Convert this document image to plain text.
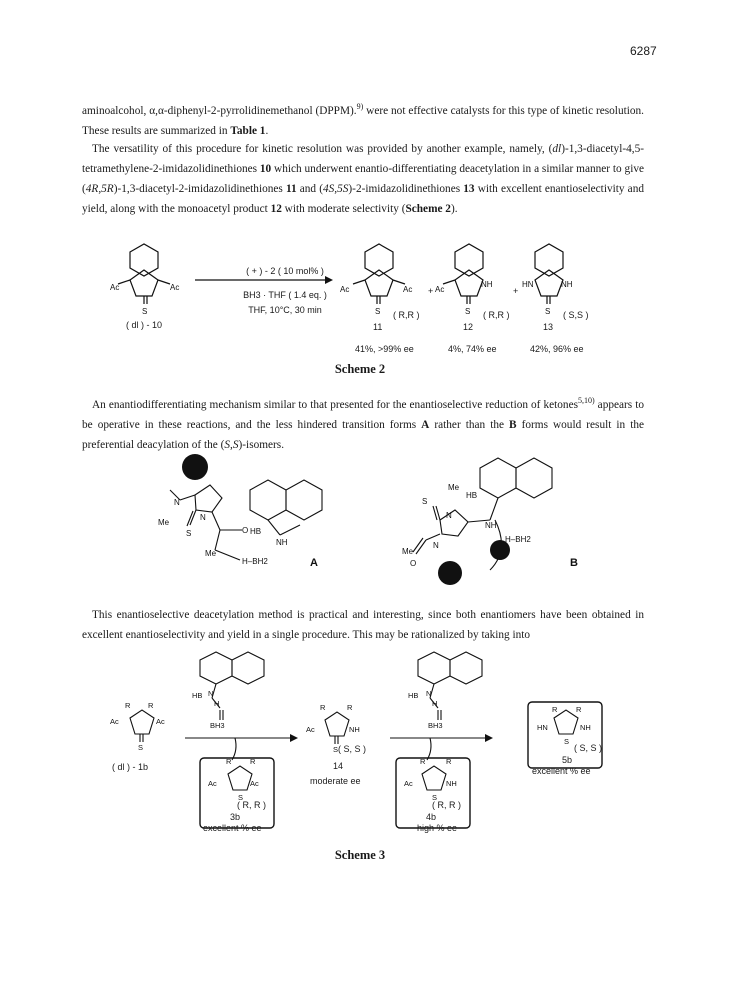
6287

aminoalcohol, α,α-diphenyl-2-pyrrolidinemethanol (DPPM).$^{9)}$ were not effective catalysts for this type of kinetic resolution. These results are summarized in Table 1.

The versatility of this procedure for kinetic resolution was provided by another example, namely, (dl)-1,3-diacetyl-4,5-tetramethylene-2-imidazolidinethiones 10 which underwent enantio-differentiating deacetylation in a similar manner to give (4R,5R)-1,3-diacetyl-2-imidazolidinethiones 11 and (4S,5S)-2-imidazolidinethiones 13 with excellent enantioselectivity and yield, along with the monoacetyl product 12 with moderate selectivity (Scheme 2).

Ac	Ac
S
Ac	Ac
S
Ac
NH
S
HN	NH
S
( + ) - 2 ( 10 mol% )
BH3 · THF ( 1.4 eq. )
THF, 10°C, 30 min
( dl ) - 10	11
( R,R )
41%, >99% ee
+
12
( R,R )
4%, 74% ee
+
13
( S,S )
42%, 96% ee
Scheme 2

An enantiodifferentiating mechanism similar to that presented for the enantioselective reduction of ketones$^{5,10)}$ appears to be operative in these reactions, and the less hindered transition forms A rather than the B forms would result in the preferential deacylation of the (S,S)-isomers.

Me
S
N
N
O HB
NH
Me
H–BH2
S
O
Me
Me
HB
NH
H–BH2
N
N
A	B

This enantioselective deacetylation method is practical and interesting, since both enantiomers have been obtained in excellent enantioselectivity and yield in a single procedure. This may be rationalized by taking into

Ac	Ac
R R
S
HB N
H
BH3
HB N
H
BH3
Ac	NH
R	R
S
Ac	Ac
R R
S
Ac	NH
R	R
S
HN	NH
R R
S
( dl ) - 1b
( S, S )
14
moderate ee
( R, R )
3b
excellent % ee
( R, R )
4b
high % ee
( S, S )
5b
excellent % ee
Scheme 3
